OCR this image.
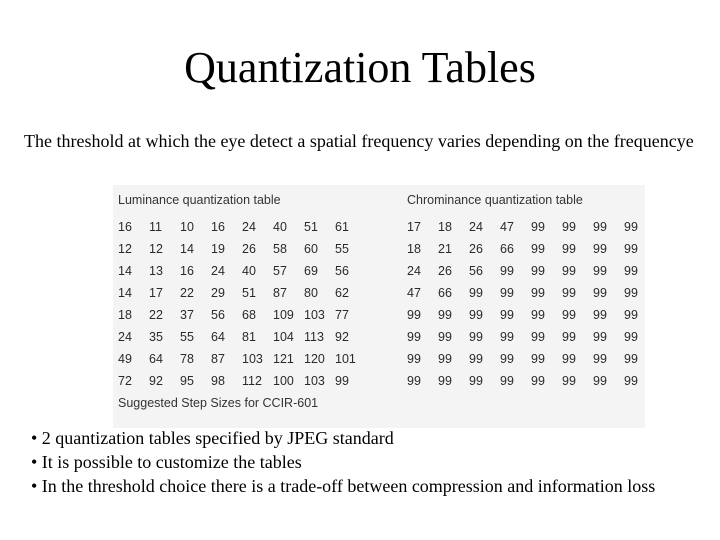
Quantization Tables
The threshold at which the eye detect a spatial frequency varies depending on the frequencye
Luminance quantization table	Chrominance quantization table
16	11	10	16	24	40	51	61
12	12	14	19	26	58	60	55
14	13	16	24	40	57	69	56
14	17	22	29	51	87	80	62
18	22	37	56	68	109 103 77
24	35	55	64	81	104 113 92
49	64	78	87	103 121 120 101
72	92	95	98	112 100 103 99
17	18	24	47	99	99	99	99
18	21	26	66	99	99	99	99
24	26	56	99	99	99	99	99
47	66	99	99	99	99	99	99
99	99	99	99	99	99	99	99
99	99	99	99	99	99	99	99
99	99	99	99	99	99	99	99
99	99	99	99	99	99	99	99
Suggested Step Sizes for CCIR-601
• 2 quantization tables specified by JPEG standard
• It is possible to customize the tables
• In the threshold choice there is a trade-off between compression and information loss
